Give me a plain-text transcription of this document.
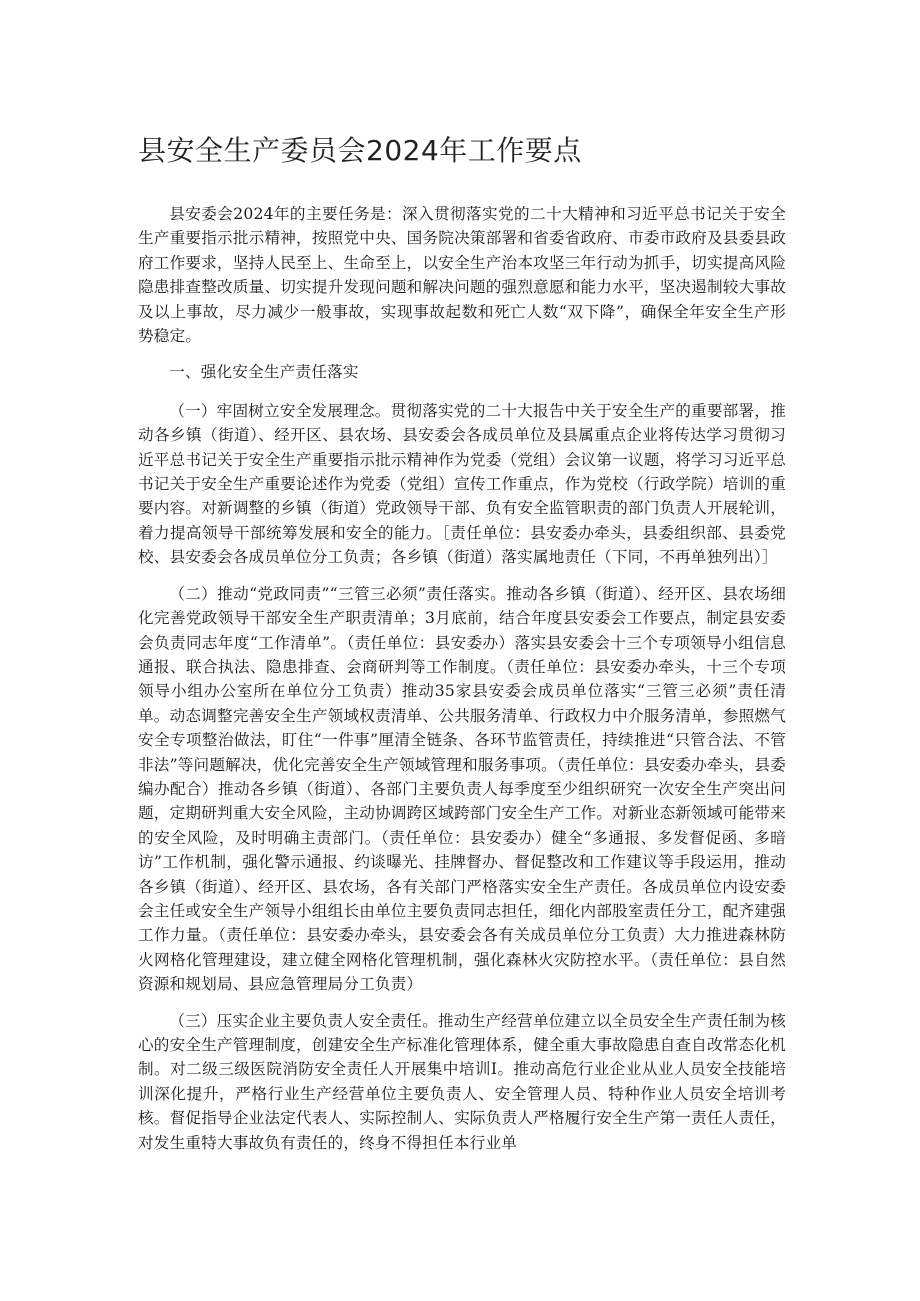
县安全生产委员会2024年工作要点

县安委会2024年的主要任务是：深入贯彻落实党的二十大精神和习近平总书记关于安全生产重要指示批示精神，按照党中央、国务院决策部署和省委省政府、市委市政府及县委县政府工作要求，坚持人民至上、生命至上，以安全生产治本攻坚三年行动为抓手，切实提高风险隐患排查整改质量、切实提升发现问题和解决问题的强烈意愿和能力水平，坚决遏制较大事故及以上事故，尽力减少一般事故，实现事故起数和死亡人数“双下降”，确保全年安全生产形势稳定。

一、强化安全生产责任落实

（一）牢固树立安全发展理念。贯彻落实党的二十大报告中关于安全生产的重要部署，推动各乡镇（街道）、经开区、县农场、县安委会各成员单位及县属重点企业将传达学习贯彻习近平总书记关于安全生产重要指示批示精神作为党委（党组）会议第一议题，将学习习近平总书记关于安全生产重要论述作为党委（党组）宣传工作重点，作为党校（行政学院）培训的重要内容。对新调整的乡镇（街道）党政领导干部、负有安全监管职责的部门负责人开展轮训，着力提高领导干部统筹发展和安全的能力。［责任单位：县安委办牵头，县委组织部、县委党校、县安委会各成员单位分工负责；各乡镇（街道）落实属地责任（下同，不再单独列出）］

（二）推动“党政同责”“三管三必须”责任落实。推动各乡镇（街道）、经开区、县农场细化完善党政领导干部安全生产职责清单；3月底前，结合年度县安委会工作要点，制定县安委会负责同志年度“工作清单”。（责任单位：县安委办）落实县安委会十三个专项领导小组信息通报、联合执法、隐患排查、会商研判等工作制度。（责任单位：县安委办牵头，十三个专项领导小组办公室所在单位分工负责）推动35家县安委会成员单位落实“三管三必须”责任清单。动态调整完善安全生产领域权责清单、公共服务清单、行政权力中介服务清单，参照燃气安全专项整治做法，盯住“一件事”厘清全链条、各环节监管责任，持续推进“只管合法、不管非法”等问题解决，优化完善安全生产领域管理和服务事项。（责任单位：县安委办牵头，县委编办配合）推动各乡镇（街道）、各部门主要负责人每季度至少组织研究一次安全生产突出问题，定期研判重大安全风险，主动协调跨区域跨部门安全生产工作。对新业态新领域可能带来的安全风险，及时明确主责部门。（责任单位：县安委办）健全“多通报、多发督促函、多暗访”工作机制，强化警示通报、约谈曝光、挂牌督办、督促整改和工作建议等手段运用，推动各乡镇（街道）、经开区、县农场，各有关部门严格落实安全生产责任。各成员单位内设安委会主任或安全生产领导小组组长由单位主要负责同志担任，细化内部股室责任分工，配齐建强工作力量。（责任单位：县安委办牵头，县安委会各有关成员单位分工负责）大力推进森林防火网格化管理建设，建立健全网格化管理机制，强化森林火灾防控水平。（责任单位：县自然资源和规划局、县应急管理局分工负责）

（三）压实企业主要负责人安全责任。推动生产经营单位建立以全员安全生产责任制为核心的安全生产管理制度，创建安全生产标准化管理体系，健全重大事故隐患自查自改常态化机制。对二级三级医院消防安全责任人开展集中培训Ⅰ。推动高危行业企业从业人员安全技能培训深化提升，严格行业生产经营单位主要负责人、安全管理人员、特种作业人员安全培训考核。督促指导企业法定代表人、实际控制人、实际负责人严格履行安全生产第一责任人责任，对发生重特大事故负有责任的，终身不得担任本行业单
